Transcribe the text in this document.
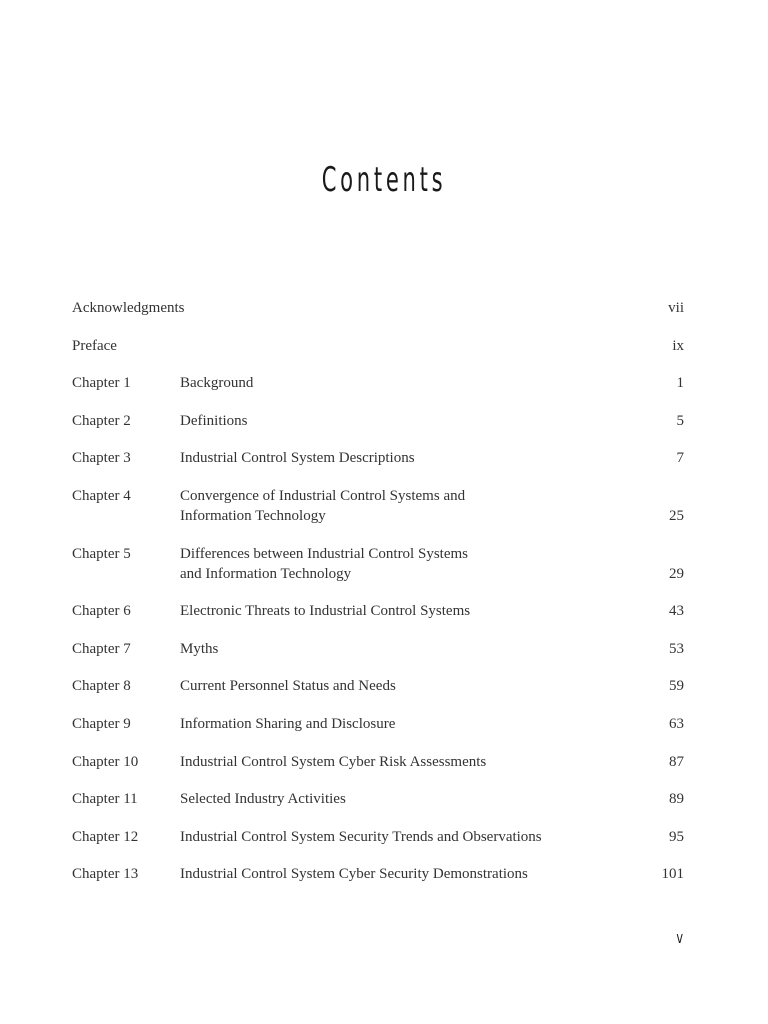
Contents
Acknowledgments	vii
Preface	ix
Chapter 1	Background	1
Chapter 2	Definitions	5
Chapter 3	Industrial Control System Descriptions	7
Chapter 4	Convergence of Industrial Control Systems and
Information Technology	25
Chapter 5	Differences between Industrial Control Systems
and Information Technology	29
Chapter 6	Electronic Threats to Industrial Control Systems	43
Chapter 7	Myths	53
Chapter 8	Current Personnel Status and Needs	59
Chapter 9	Information Sharing and Disclosure	63
Chapter 10	Industrial Control System Cyber Risk Assessments	87
Chapter 11	Selected Industry Activities	89
Chapter 12	Industrial Control System Security Trends and Observations	95
Chapter 13	Industrial Control System Cyber Security Demonstrations	101
v
